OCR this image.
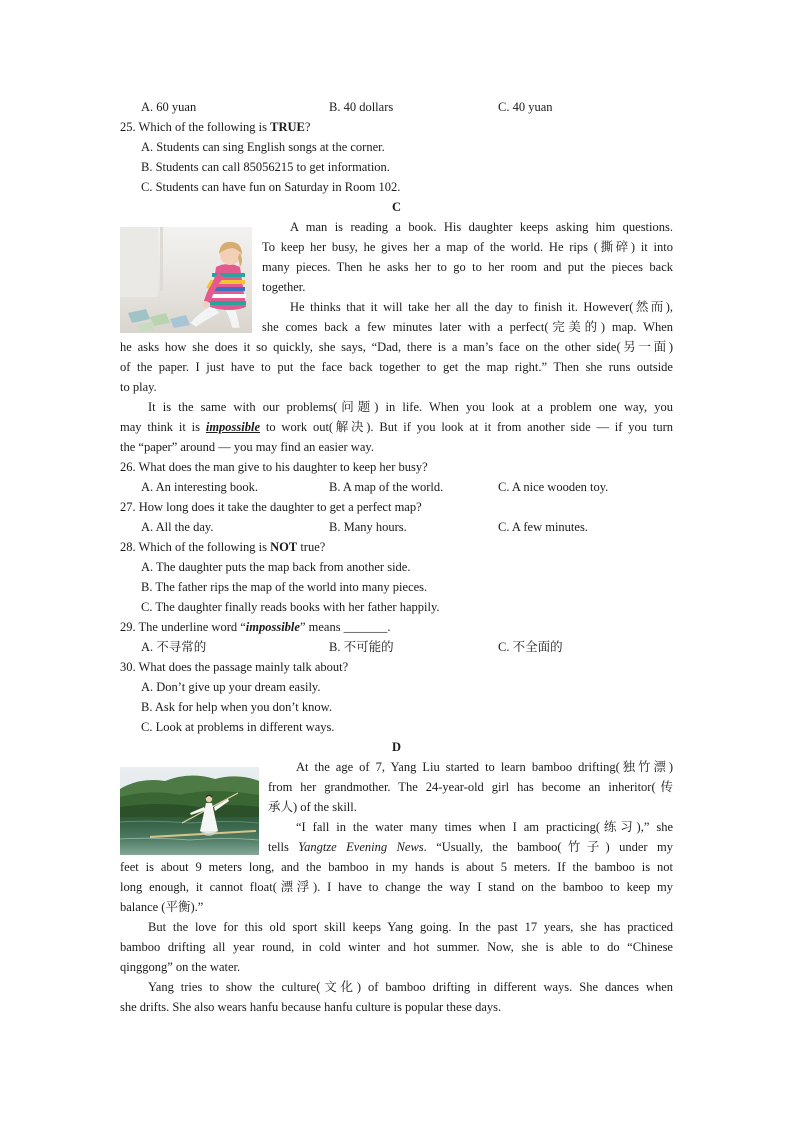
A. 60 yuan	B. 40 dollars	C. 40 yuan
25. Which of the following is TRUE?
A. Students can sing English songs at the corner.
B. Students can call 85056215 to get information.
C. Students can have fun on Saturday in Room 102.
C
A man is reading a book. His daughter keeps asking him questions.
To keep her busy, he gives her a map of the world. He rips (撕碎) it into
many pieces. Then he asks her to go to her room and put the pieces back
together.
He thinks that it will take her all the day to finish it. However(然而),
she comes back a few minutes later with a perfect(完美的) map. When
he asks how she does it so quickly, she says, “Dad, there is a man’s face on the other side(另一面)
of the paper. I just have to put the face back together to get the map right.” Then she runs outside
to play.
It is the same with our problems(问题) in life. When you look at a problem one way, you
may think it is impossible to work out(解决). But if you look at it from another side — if you turn
the “paper” around — you may find an easier way.
26. What does the man give to his daughter to keep her busy?
A. An interesting book.	B. A map of the world.	C. A nice wooden toy.
27. How long does it take the daughter to get a perfect map?
A. All the day.	B. Many hours.	C. A few minutes.
28. Which of the following is NOT true?
A. The daughter puts the map back from another side.
B. The father rips the map of the world into many pieces.
C. The daughter finally reads books with her father happily.
29. The underline word “impossible” means _______.
A. 不寻常的	B. 不可能的	C. 不全面的
30. What does the passage mainly talk about?
A. Don’t give up your dream easily.
B. Ask for help when you don’t know.
C. Look at problems in different ways.
D
At the age of 7, Yang Liu started to learn bamboo drifting(独竹漂)
from her grandmother. The 24-year-old girl has become an inheritor(传
承人) of the skill.
“I fall in the water many times when I am practicing(练习),” she
tells Yangtze Evening News. “Usually, the bamboo(竹子) under my
feet is about 9 meters long, and the bamboo in my hands is about 5 meters. If the bamboo is not
long enough, it cannot float(漂浮). I have to change the way I stand on the bamboo to keep my
balance (平衡).”
But the love for this old sport skill keeps Yang going. In the past 17 years, she has practiced
bamboo drifting all year round, in cold winter and hot summer. Now, she is able to do “Chinese
qinggong” on the water.
Yang tries to show the culture(文化) of bamboo drifting in different ways. She dances when
she drifts. She also wears hanfu because hanfu culture is popular these days.
